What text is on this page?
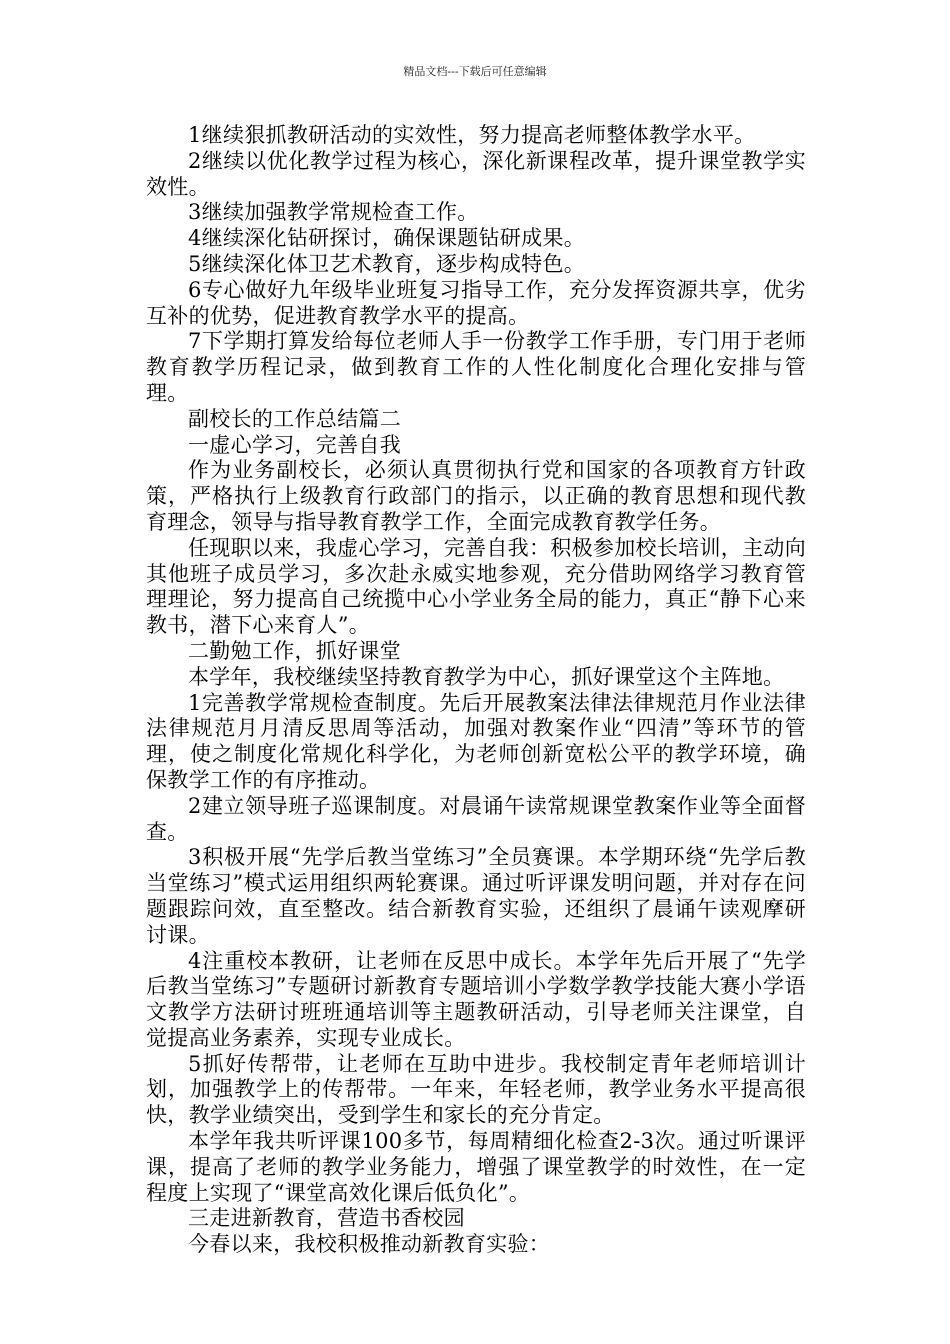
精品文档---下载后可任意编辑

1继续狠抓教研活动的实效性，努力提高老师整体教学水平。

2继续以优化教学过程为核心，深化新课程改革，提升课堂教学实效性。

3继续加强教学常规检查工作。

4继续深化钻研探讨，确保课题钻研成果。

5继续深化体卫艺术教育，逐步构成特色。

6专心做好九年级毕业班复习指导工作，充分发挥资源共享，优劣互补的优势，促进教育教学水平的提高。

7下学期打算发给每位老师人手一份教学工作手册，专门用于老师教育教学历程记录，做到教育工作的人性化制度化合理化安排与管理。

副校长的工作总结篇二

一虚心学习，完善自我

作为业务副校长，必须认真贯彻执行党和国家的各项教育方针政策，严格执行上级教育行政部门的指示，以正确的教育思想和现代教育理念，领导与指导教育教学工作，全面完成教育教学任务。

任现职以来，我虚心学习，完善自我：积极参加校长培训，主动向其他班子成员学习，多次赴永威实地参观，充分借助网络学习教育管理理论，努力提高自己统揽中心小学业务全局的能力，真正“静下心来教书，潜下心来育人”。

二勤勉工作，抓好课堂

本学年，我校继续坚持教育教学为中心，抓好课堂这个主阵地。

1完善教学常规检查制度。先后开展教案法律法律规范月作业法律法律规范月月清反思周等活动，加强对教案作业“四清”等环节的管理，使之制度化常规化科学化，为老师创新宽松公平的教学环境，确保教学工作的有序推动。

2建立领导班子巡课制度。对晨诵午读常规课堂教案作业等全面督查。

3积极开展“先学后教当堂练习”全员赛课。本学期环绕“先学后教当堂练习”模式运用组织两轮赛课。通过听评课发明问题，并对存在问题跟踪问效，直至整改。结合新教育实验，还组织了晨诵午读观摩研讨课。

4注重校本教研，让老师在反思中成长。本学年先后开展了“先学后教当堂练习”专题研讨新教育专题培训小学数学教学技能大赛小学语文教学方法研讨班班通培训等主题教研活动，引导老师关注课堂，自觉提高业务素养，实现专业成长。

5抓好传帮带，让老师在互助中进步。我校制定青年老师培训计划，加强教学上的传帮带。一年来，年轻老师，教学业务水平提高很快，教学业绩突出，受到学生和家长的充分肯定。

本学年我共听评课100多节，每周精细化检查2-3次。通过听课评课，提高了老师的教学业务能力，增强了课堂教学的时效性，在一定程度上实现了“课堂高效化课后低负化”。

三走进新教育，营造书香校园

今春以来，我校积极推动新教育实验：
